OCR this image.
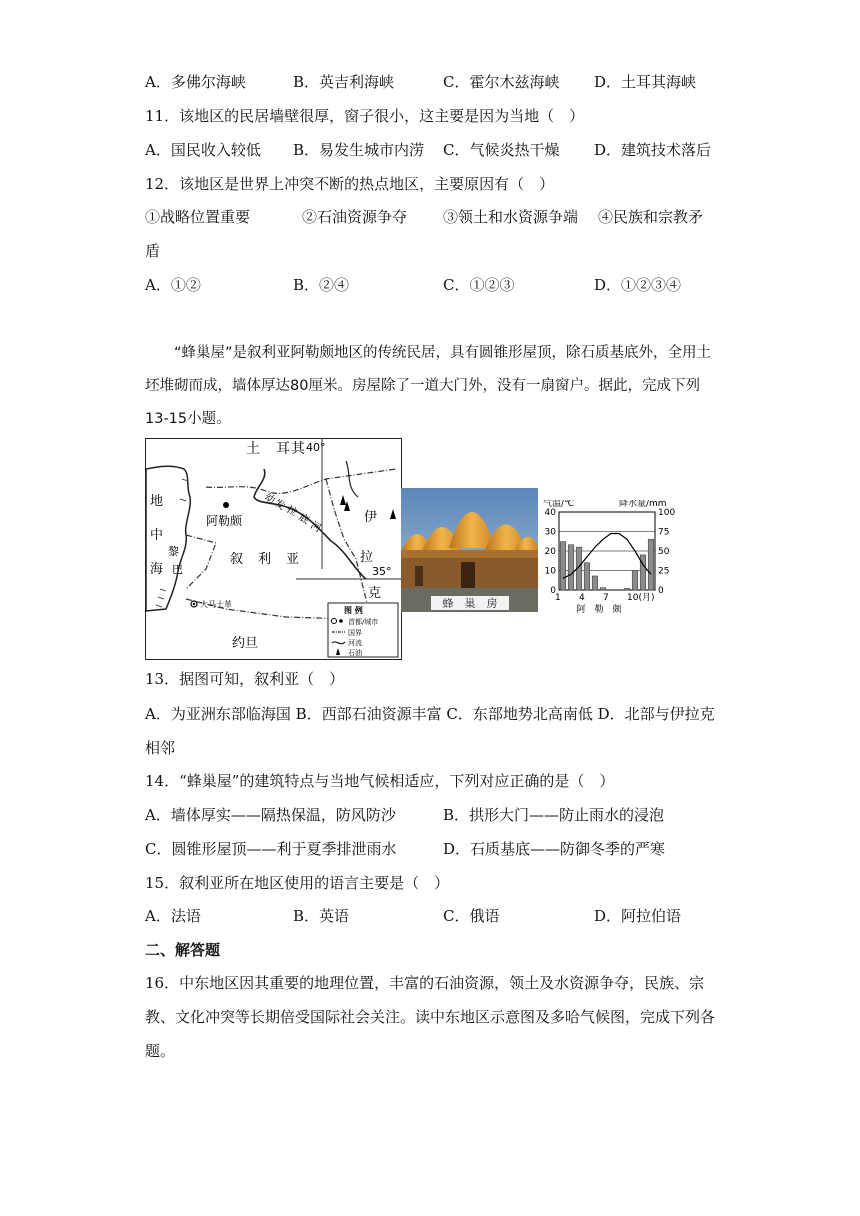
A．多佛尔海峡	B．英吉利海峡	C．霍尔木兹海峡 D．土耳其海峡
11．该地区的民居墙壁很厚，窗子很小，这主要是因为当地（　）
A．国民收入较低 B．易发生城市内涝 C．气候炎热干燥 D．建筑技术落后
12．该地区是世界上冲突不断的热点地区，主要原因有（　）
①战略位置重要	②石油资源争夺 ③领土和水资源争端 ④民族和宗教矛
盾
A．①②	B．②④	C．①②③	D．①②③④
“蜂巢屋”是叙利亚阿勒颇地区的传统民居，具有圆锥形屋顶，除石质基底外，全用土坯堆砌而成，墙体厚达80厘米。房屋除了一道大门外，没有一扇窗户。据此，完成下列13-15小题。
土 耳 其 40°
阿勒颇
叙 利 亚
幼
发
拉
底
河
伊
拉
克
35°
地
中
海
黎
巴
大马士革
约旦
图 例
首都/城市
国界
河流
石油
蜂　巢　房
气温/℃	降水量/mm
40	100
30	75
20	50
10	25
0	0
1 4 7 10(月)
阿　勒　颇
13．据图可知，叙利亚（　）
A．为亚洲东部临海国 B．西部石油资源丰富 C．东部地势北高南低 D．北部与伊拉克
相邻
14．“蜂巢屋”的建筑特点与当地气候相适应，下列对应正确的是（　）
A．墙体厚实——隔热保温，防风防沙	B．拱形大门——防止雨水的浸泡
C．圆锥形屋顶——利于夏季排泄雨水	D．石质基底——防御冬季的严寒
15．叙利亚所在地区使用的语言主要是（　）
A．法语	B．英语	C．俄语	D．阿拉伯语
二、解答题
16．中东地区因其重要的地理位置，丰富的石油资源，领土及水资源争夺，民族、宗教、文化冲突等长期倍受国际社会关注。读中东地区示意图及多哈气候图，完成下列各题。
